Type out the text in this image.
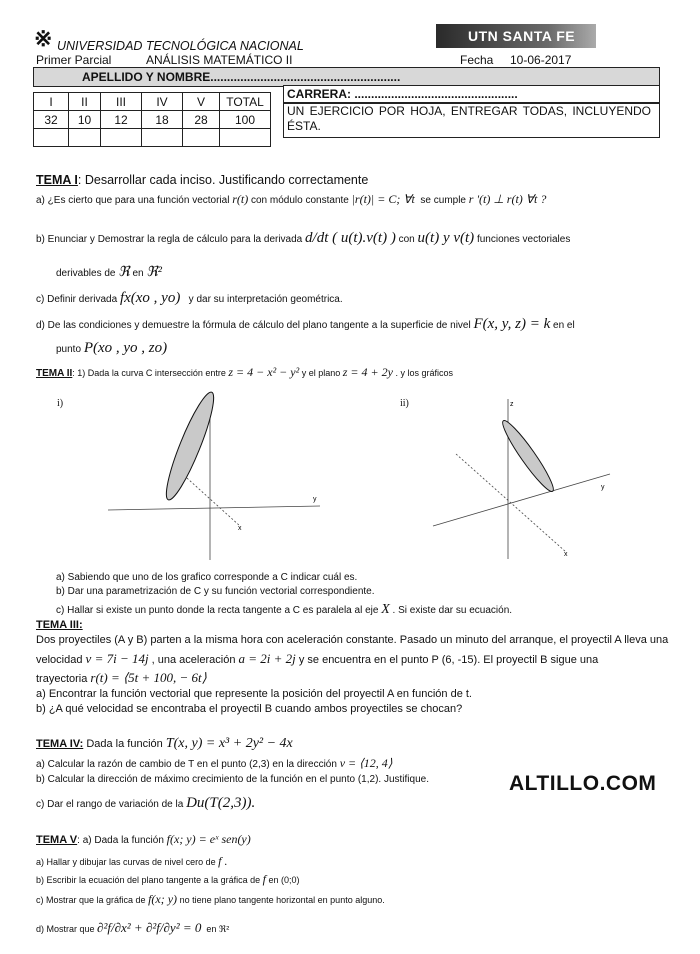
※ UNIVERSIDAD TECNOLÓGICA NACIONAL
Primer Parcial	ANÁLISIS MATEMÁTICO II	Fecha 10-06-2017
UTN SANTA FE
APELLIDO Y NOMBRE.........................................................
I	II	III	IV	V	TOTAL
32	10	12	18	28	100

CARRERA: .................................................
UN EJERCICIO POR HOJA, ENTREGAR TODAS, INCLUYENDO ÉSTA.
TEMA I: Desarrollar cada inciso. Justificando correctamente
a) ¿Es cierto que para una función vectorial r(t) con módulo constante |r(t)| = C; ∀t se cumple r '(t) ⊥ r(t) ∀t ?
b) Enunciar y Demostrar la regla de cálculo para la derivada d/dt ( u(t).v(t) ) con u(t) y v(t) funciones vectoriales
derivables de ℜ en ℜ²
c) Definir derivada fx(xo , yo) y dar su interpretación geométrica.
d) De las condiciones y demuestre la fórmula de cálculo del plano tangente a la superficie de nivel F(x, y, z) = k en el
punto P(xo , yo , zo)
TEMA II: 1) Dada la curva C intersección entre z = 4 − x² − y² y el plano z = 4 + 2y . y los gráficos
i)	ii)
x
y
x
y
z
a) Sabiendo que uno de los grafico corresponde a C indicar cuál es.
b) Dar una parametrización de C y su función vectorial correspondiente.
c) Hallar si existe un punto donde la recta tangente a C es paralela al eje X . Si existe dar su ecuación.
TEMA III:
Dos proyectiles (A y B) parten a la misma hora con aceleración constante. Pasado un minuto del arranque, el proyectil A lleva una
velocidad v = 7i − 14j , una aceleración a = 2i + 2j y se encuentra en el punto P (6, -15). El proyectil B sigue una
trayectoria r(t) = ⟨5t + 100, − 6t⟩
a) Encontrar la función vectorial que represente la posición del proyectil A en función de t.
b) ¿A qué velocidad se encontraba el proyectil B cuando ambos proyectiles se chocan?
TEMA IV: Dada la función T(x, y) = x³ + 2y² − 4x
a) Calcular la razón de cambio de T en el punto (2,3) en la dirección v = ⟨12, 4⟩
b) Calcular la dirección de máximo crecimiento de la función en el punto (1,2). Justifique.
c) Dar el rango de variación de la Du(T(2,3)).
ALTILLO.COM
TEMA V: a) Dada la función f(x; y) = eˣ sen(y)
a) Hallar y dibujar las curvas de nivel cero de f .
b) Escribir la ecuación del plano tangente a la gráfica de f en (0;0)
c) Mostrar que la gráfica de f(x; y) no tiene plano tangente horizontal en punto alguno.
d) Mostrar que ∂²f/∂x² + ∂²f/∂y² = 0 en ℜ²
